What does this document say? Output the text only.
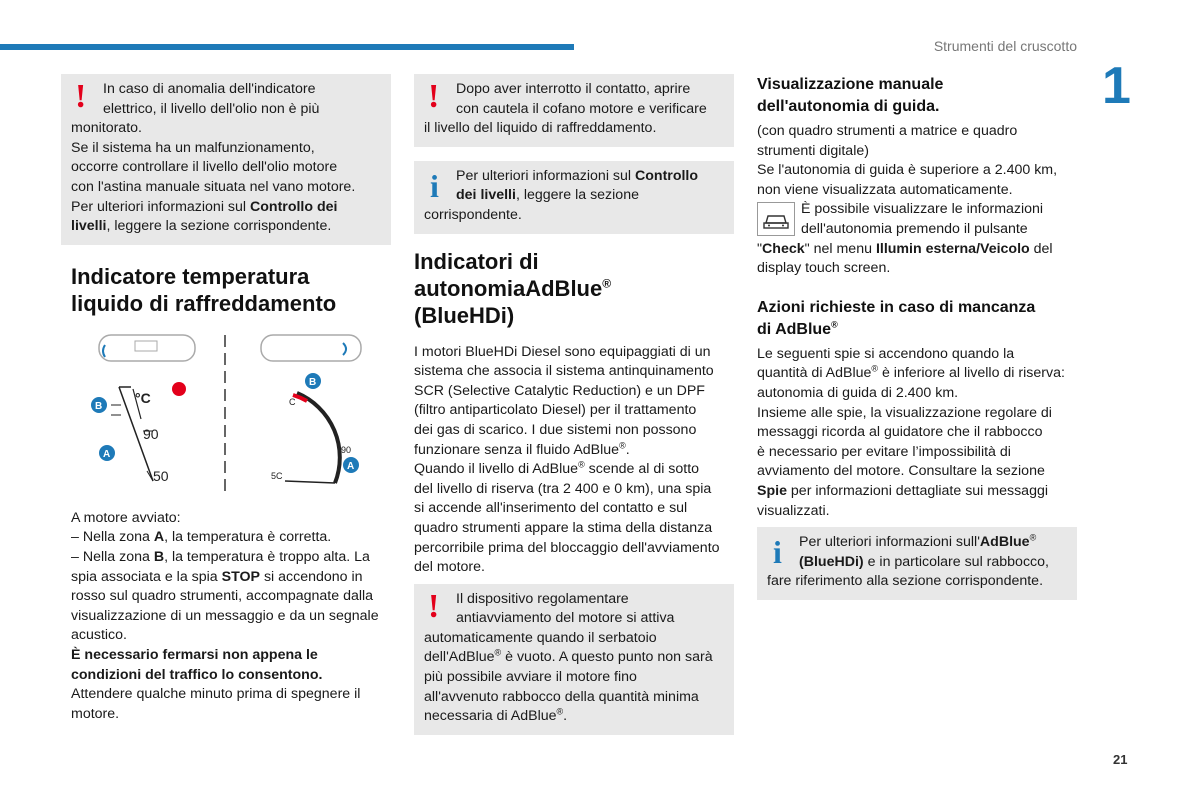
Strumenti del cruscotto
1
21
!	In caso di anomalia dell'indicatore
elettrico, il livello dell'olio non è più
monitorato.
Se il sistema ha un malfunzionamento,
occorre controllare il livello dell'olio motore
con l'astina manuale situata nel vano motore.
Per ulteriori informazioni sul Controllo dei
livelli, leggere la sezione corrispondente.

Indicatore temperatura
liquido di raffreddamento
°C
90
50
B
A
C
90
5C
B
A

A motore avviato:
– Nella zona A, la temperatura è corretta.
– Nella zona B, la temperatura è troppo alta. La
spia associata e la spia STOP si accendono in
rosso sul quadro strumenti, accompagnate dalla
visualizzazione di un messaggio e da un segnale
acustico.
È necessario fermarsi non appena le
condizioni del traffico lo consentono.
Attendere qualche minuto prima di spegnere il
motore.

!	Dopo aver interrotto il contatto, aprire
con cautela il cofano motore e verificare
il livello del liquido di raffreddamento.

i	Per ulteriori informazioni sul Controllo
dei livelli, leggere la sezione
corrispondente.

Indicatori di
autonomiaAdBlue®
(BlueHDi)

I motori BlueHDi Diesel sono equipaggiati di un
sistema che associa il sistema antinquinamento
SCR (Selective Catalytic Reduction) e un DPF
(filtro antiparticolato Diesel) per il trattamento
dei gas di scarico. I due sistemi non possono
funzionare senza il fluido AdBlue®.
Quando il livello di AdBlue® scende al di sotto
del livello di riserva (tra 2 400 e 0 km), una spia
si accende all'inserimento del contatto e sul
quadro strumenti appare la stima della distanza
percorribile prima del bloccaggio dell'avviamento
del motore.

!	Il dispositivo regolamentare
antiavviamento del motore si attiva
automaticamente quando il serbatoio
dell'AdBlue® è vuoto. A questo punto non sarà
più possibile avviare il motore fino
all'avvenuto rabbocco della quantità minima
necessaria di AdBlue®.

Visualizzazione manuale
dell'autonomia di guida.

(con quadro strumenti a matrice e quadro
strumenti digitale)
Se l'autonomia di guida è superiore a 2.400 km,
non viene visualizzata automaticamente.

È possibile visualizzare le informazioni
dell'autonomia premendo il pulsante
"Check" nel menu Illumin esterna/Veicolo del
display touch screen.

Azioni richieste in caso di mancanza
di AdBlue®

Le seguenti spie si accendono quando la
quantità di AdBlue® è inferiore al livello di riserva:
autonomia di guida di 2.400 km.
Insieme alle spie, la visualizzazione regolare di
messaggi ricorda al guidatore che il rabbocco
è necessario per evitare l’impossibilità di
avviamento del motore. Consultare la sezione
Spie per informazioni dettagliate sui messaggi
visualizzati.

i	Per ulteriori informazioni sull'AdBlue®
(BlueHDi) e in particolare sul rabbocco,
fare riferimento alla sezione corrispondente.
